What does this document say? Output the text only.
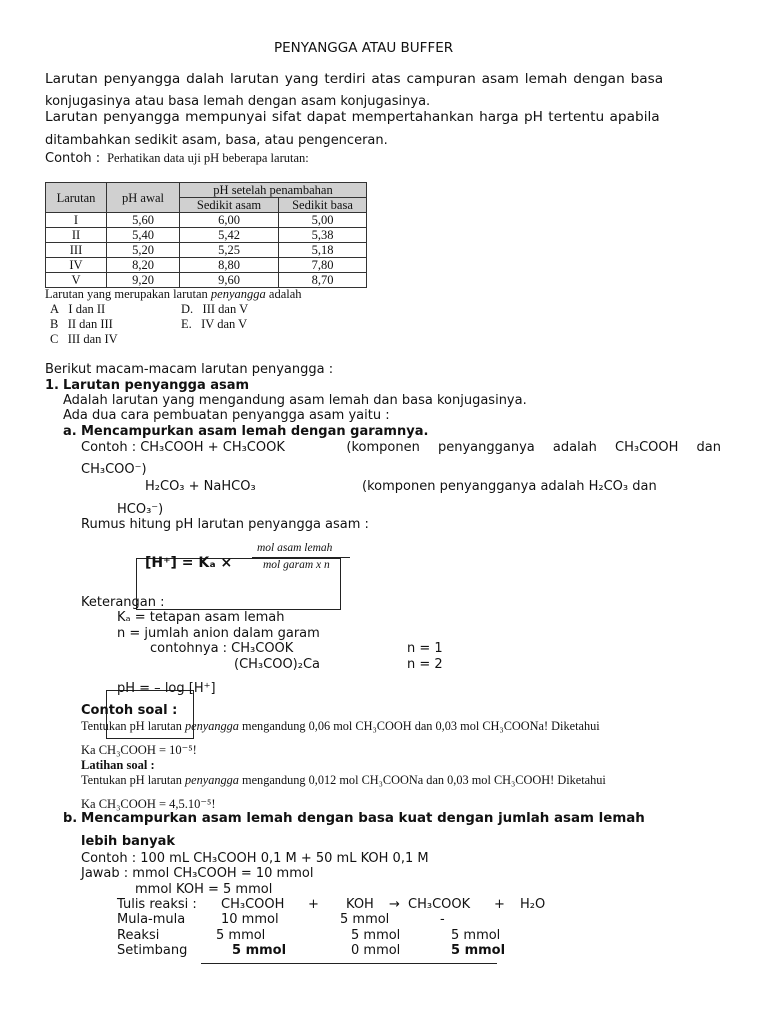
PENYANGGA ATAU BUFFER
Larutan penyangga dalah larutan yang terdiri atas campuran asam lemah dengan basa
konjugasinya atau basa lemah dengan asam konjugasinya.
Larutan penyangga mempunyai sifat dapat mempertahankan harga pH tertentu apabila
ditambahkan sedikit asam, basa, atau pengenceran.
Contoh : Perhatikan data uji pH beberapa larutan:
Larutan	pH awal	pH setelah penambahan	
		Sedikit asam	Sedikit basa
I	5,60	6,00	5,00
II	5,40	5,42	5,38
III	5,20	5,25	5,18
IV	8,20	8,80	7,80
V	9,20	9,60	8,70
Larutan yang merupakan larutan penyangga adalah
A I dan II
B II dan III
C III dan IV
D. III dan V
E. IV dan V
Berikut macam-macam larutan penyangga :
1. Larutan penyangga asam
Adalah larutan yang mengandung asam lemah dan basa konjugasinya.
Ada dua cara pembuatan penyangga asam yaitu :
a. Mencampurkan asam lemah dengan garamnya.
Contoh : CH₃COOH + CH₃COOK	(komponen penyangganya adalah CH₃COOH dan
CH₃COO⁻)
H₂CO₃ + NaHCO₃	(komponen penyangganya adalah H₂CO₃ dan
HCO₃⁻)
Rumus hitung pH larutan penyangga asam :
[H⁺] = Kₐ ×
mol asam lemah
mol garam x n
Keterangan :
Kₐ = tetapan asam lemah
n = jumlah anion dalam garam
contohnya : CH₃COOK	n = 1
(CH₃COO)₂Ca	n = 2
pH = – log [H⁺]
Contoh soal :
Tentukan pH larutan penyangga mengandung 0,06 mol CH₃COOH dan 0,03 mol CH₃COONa! Diketahui
Ka CH₃COOH = 10⁻⁵!
Latihan soal :
Tentukan pH larutan penyangga mengandung 0,012 mol CH₃COONa dan 0,03 mol CH₃COOH! Diketahui
Ka CH₃COOH = 4,5.10⁻⁵!
b. Mencampurkan asam lemah dengan basa kuat dengan jumlah asam lemah
lebih banyak
Contoh : 100 mL CH₃COOH 0,1 M + 50 mL KOH 0,1 M
Jawab : mmol CH₃COOH = 10 mmol
mmol KOH = 5 mmol
Tulis reaksi : CH₃COOH + KOH → CH₃COOK + H₂O
Mula-mula	10 mmol	5 mmol	-
Reaksi	5 mmol	5 mmol	5 mmol
Setimbang	5 mmol	0 mmol	5 mmol
